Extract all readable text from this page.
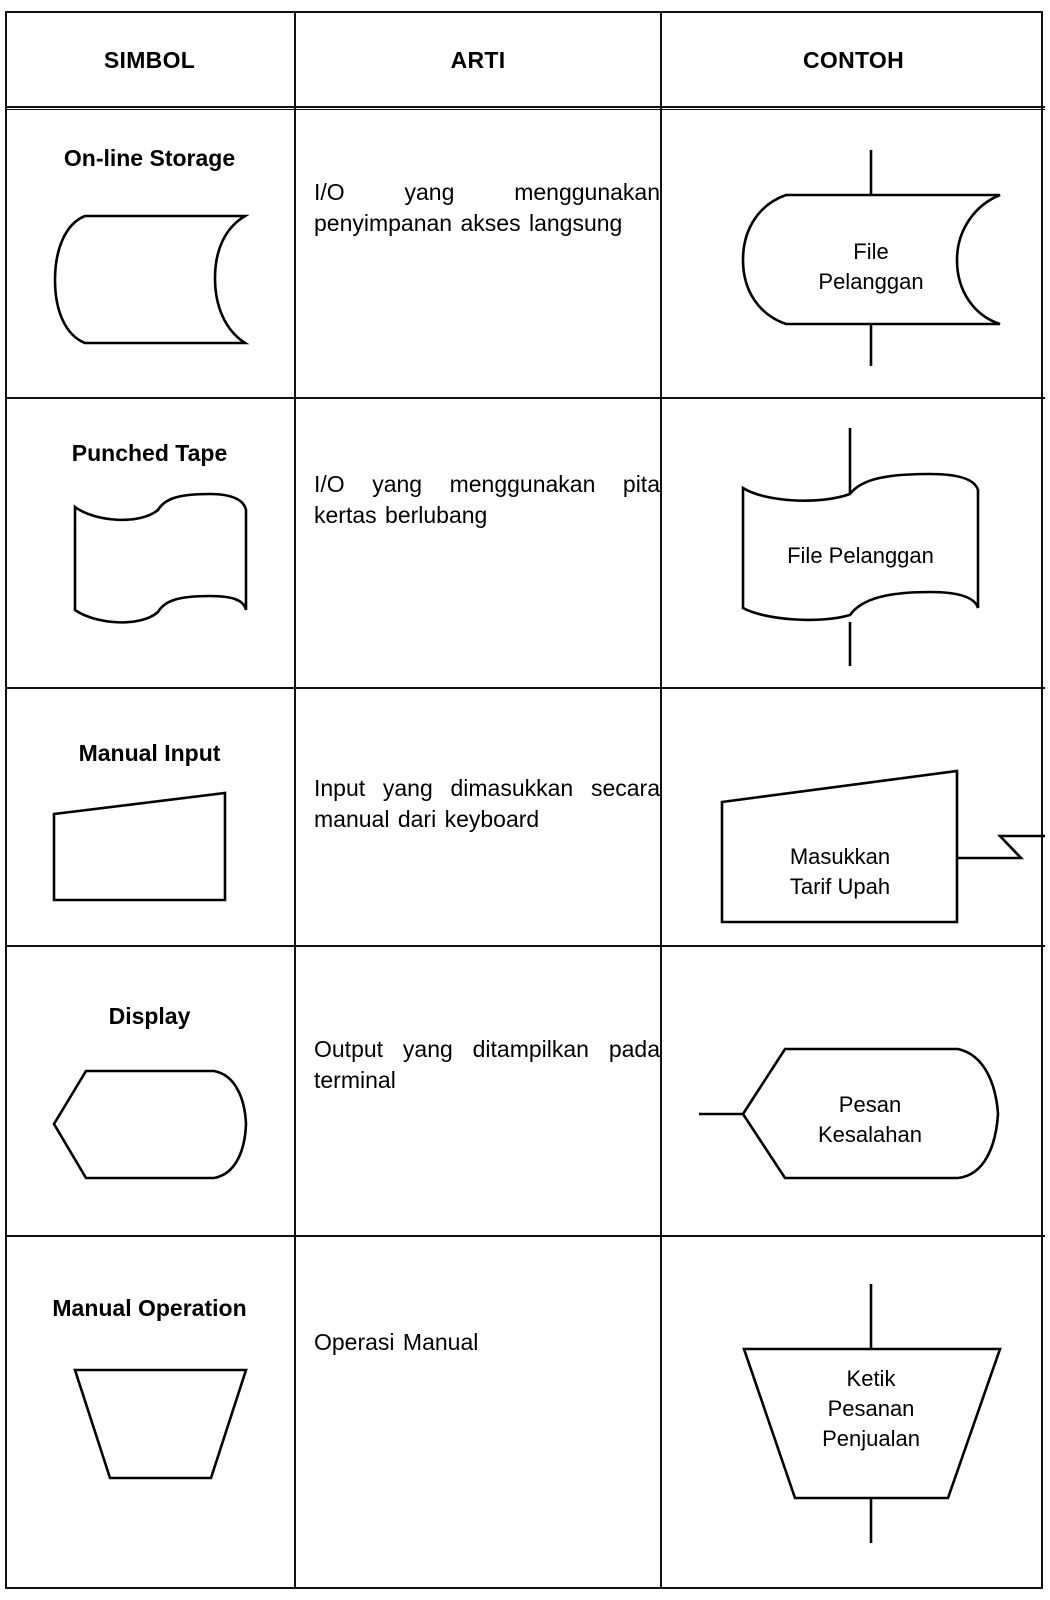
SIMBOL	ARTI	CONTOH
On-line Storage
I/O yang menggunakan penyimpanan akses langsung
File
Pelanggan
Punched Tape
I/O yang menggunakan pita kertas berlubang
File Pelanggan
Manual Input
Input yang dimasukkan secara manual dari keyboard
Masukkan
Tarif Upah
Display
Output yang ditampilkan pada terminal
Pesan
Kesalahan
Manual Operation
Operasi Manual
Ketik
Pesanan
Penjualan
